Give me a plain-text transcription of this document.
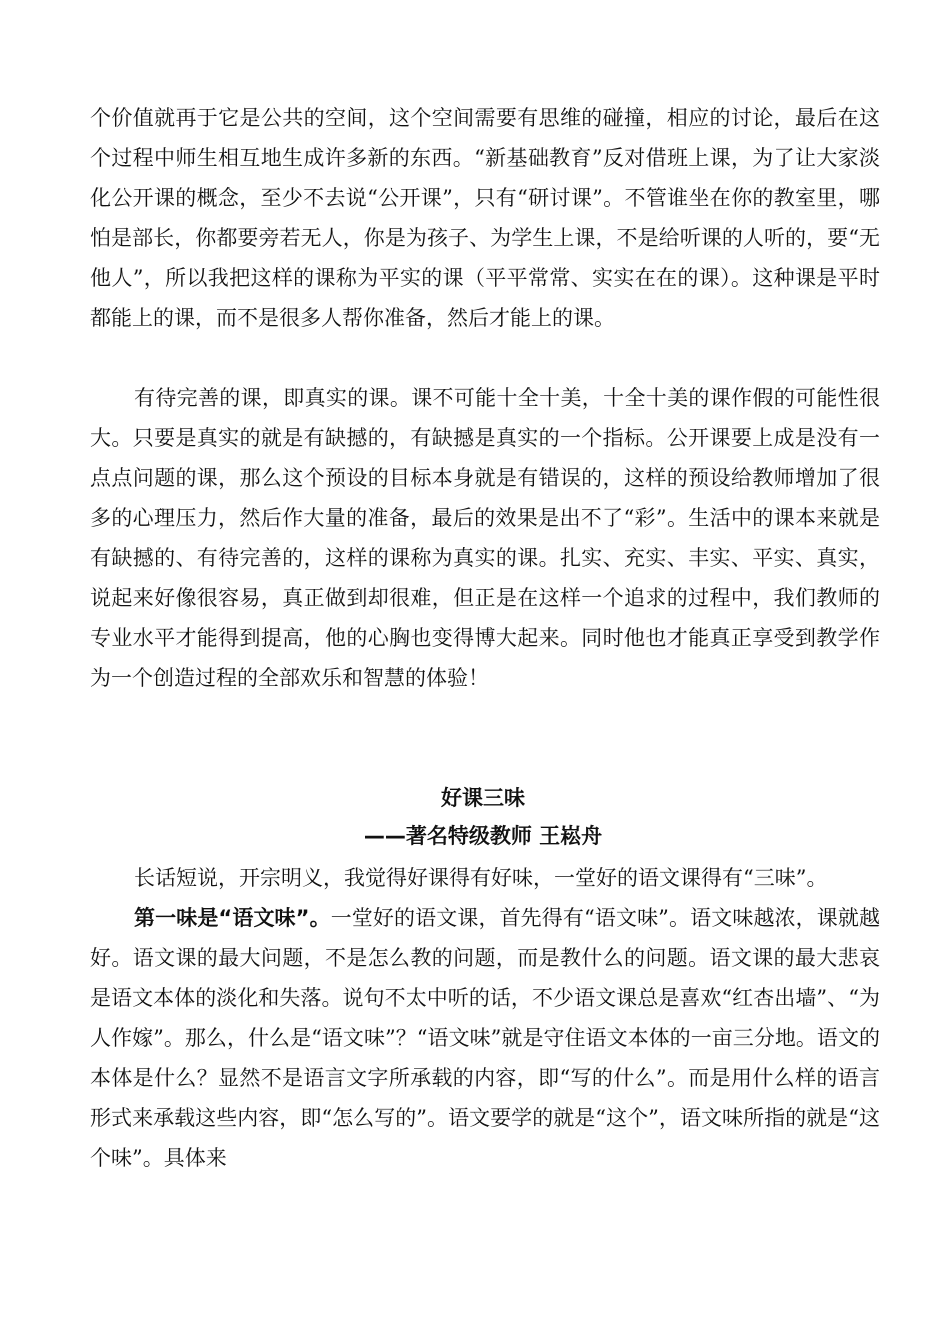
个价值就再于它是公共的空间，这个空间需要有思维的碰撞，相应的讨论，最后在这个过程中师生相互地生成许多新的东西。“新基础教育”反对借班上课，为了让大家淡化公开课的概念，至少不去说“公开课”，只有“研讨课”。不管谁坐在你的教室里，哪怕是部长，你都要旁若无人，你是为孩子、为学生上课，不是给听课的人听的，要“无他人”，所以我把这样的课称为平实的课（平平常常、实实在在的课）。这种课是平时都能上的课，而不是很多人帮你准备，然后才能上的课。

有待完善的课，即真实的课。课不可能十全十美，十全十美的课作假的可能性很大。只要是真实的就是有缺撼的，有缺撼是真实的一个指标。公开课要上成是没有一点点问题的课，那么这个预设的目标本身就是有错误的，这样的预设给教师增加了很多的心理压力，然后作大量的准备，最后的效果是出不了“彩”。生活中的课本来就是有缺撼的、有待完善的，这样的课称为真实的课。扎实、充实、丰实、平实、真实，说起来好像很容易，真正做到却很难，但正是在这样一个追求的过程中，我们教师的专业水平才能得到提高，他的心胸也变得博大起来。同时他也才能真正享受到教学作为一个创造过程的全部欢乐和智慧的体验！

好课三味
——著名特级教师 王崧舟

长话短说，开宗明义，我觉得好课得有好味，一堂好的语文课得有“三味”。

第一味是“语文味”。一堂好的语文课，首先得有“语文味”。语文味越浓，课就越好。语文课的最大问题，不是怎么教的问题，而是教什么的问题。语文课的最大悲哀是语文本体的淡化和失落。说句不太中听的话，不少语文课总是喜欢“红杏出墙”、“为人作嫁”。那么，什么是“语文味”？“语文味”就是守住语文本体的一亩三分地。语文的本体是什么？显然不是语言文字所承载的内容，即“写的什么”。而是用什么样的语言形式来承载这些内容，即“怎么写的”。语文要学的就是“这个”，语文味所指的就是“这个味”。具体来
